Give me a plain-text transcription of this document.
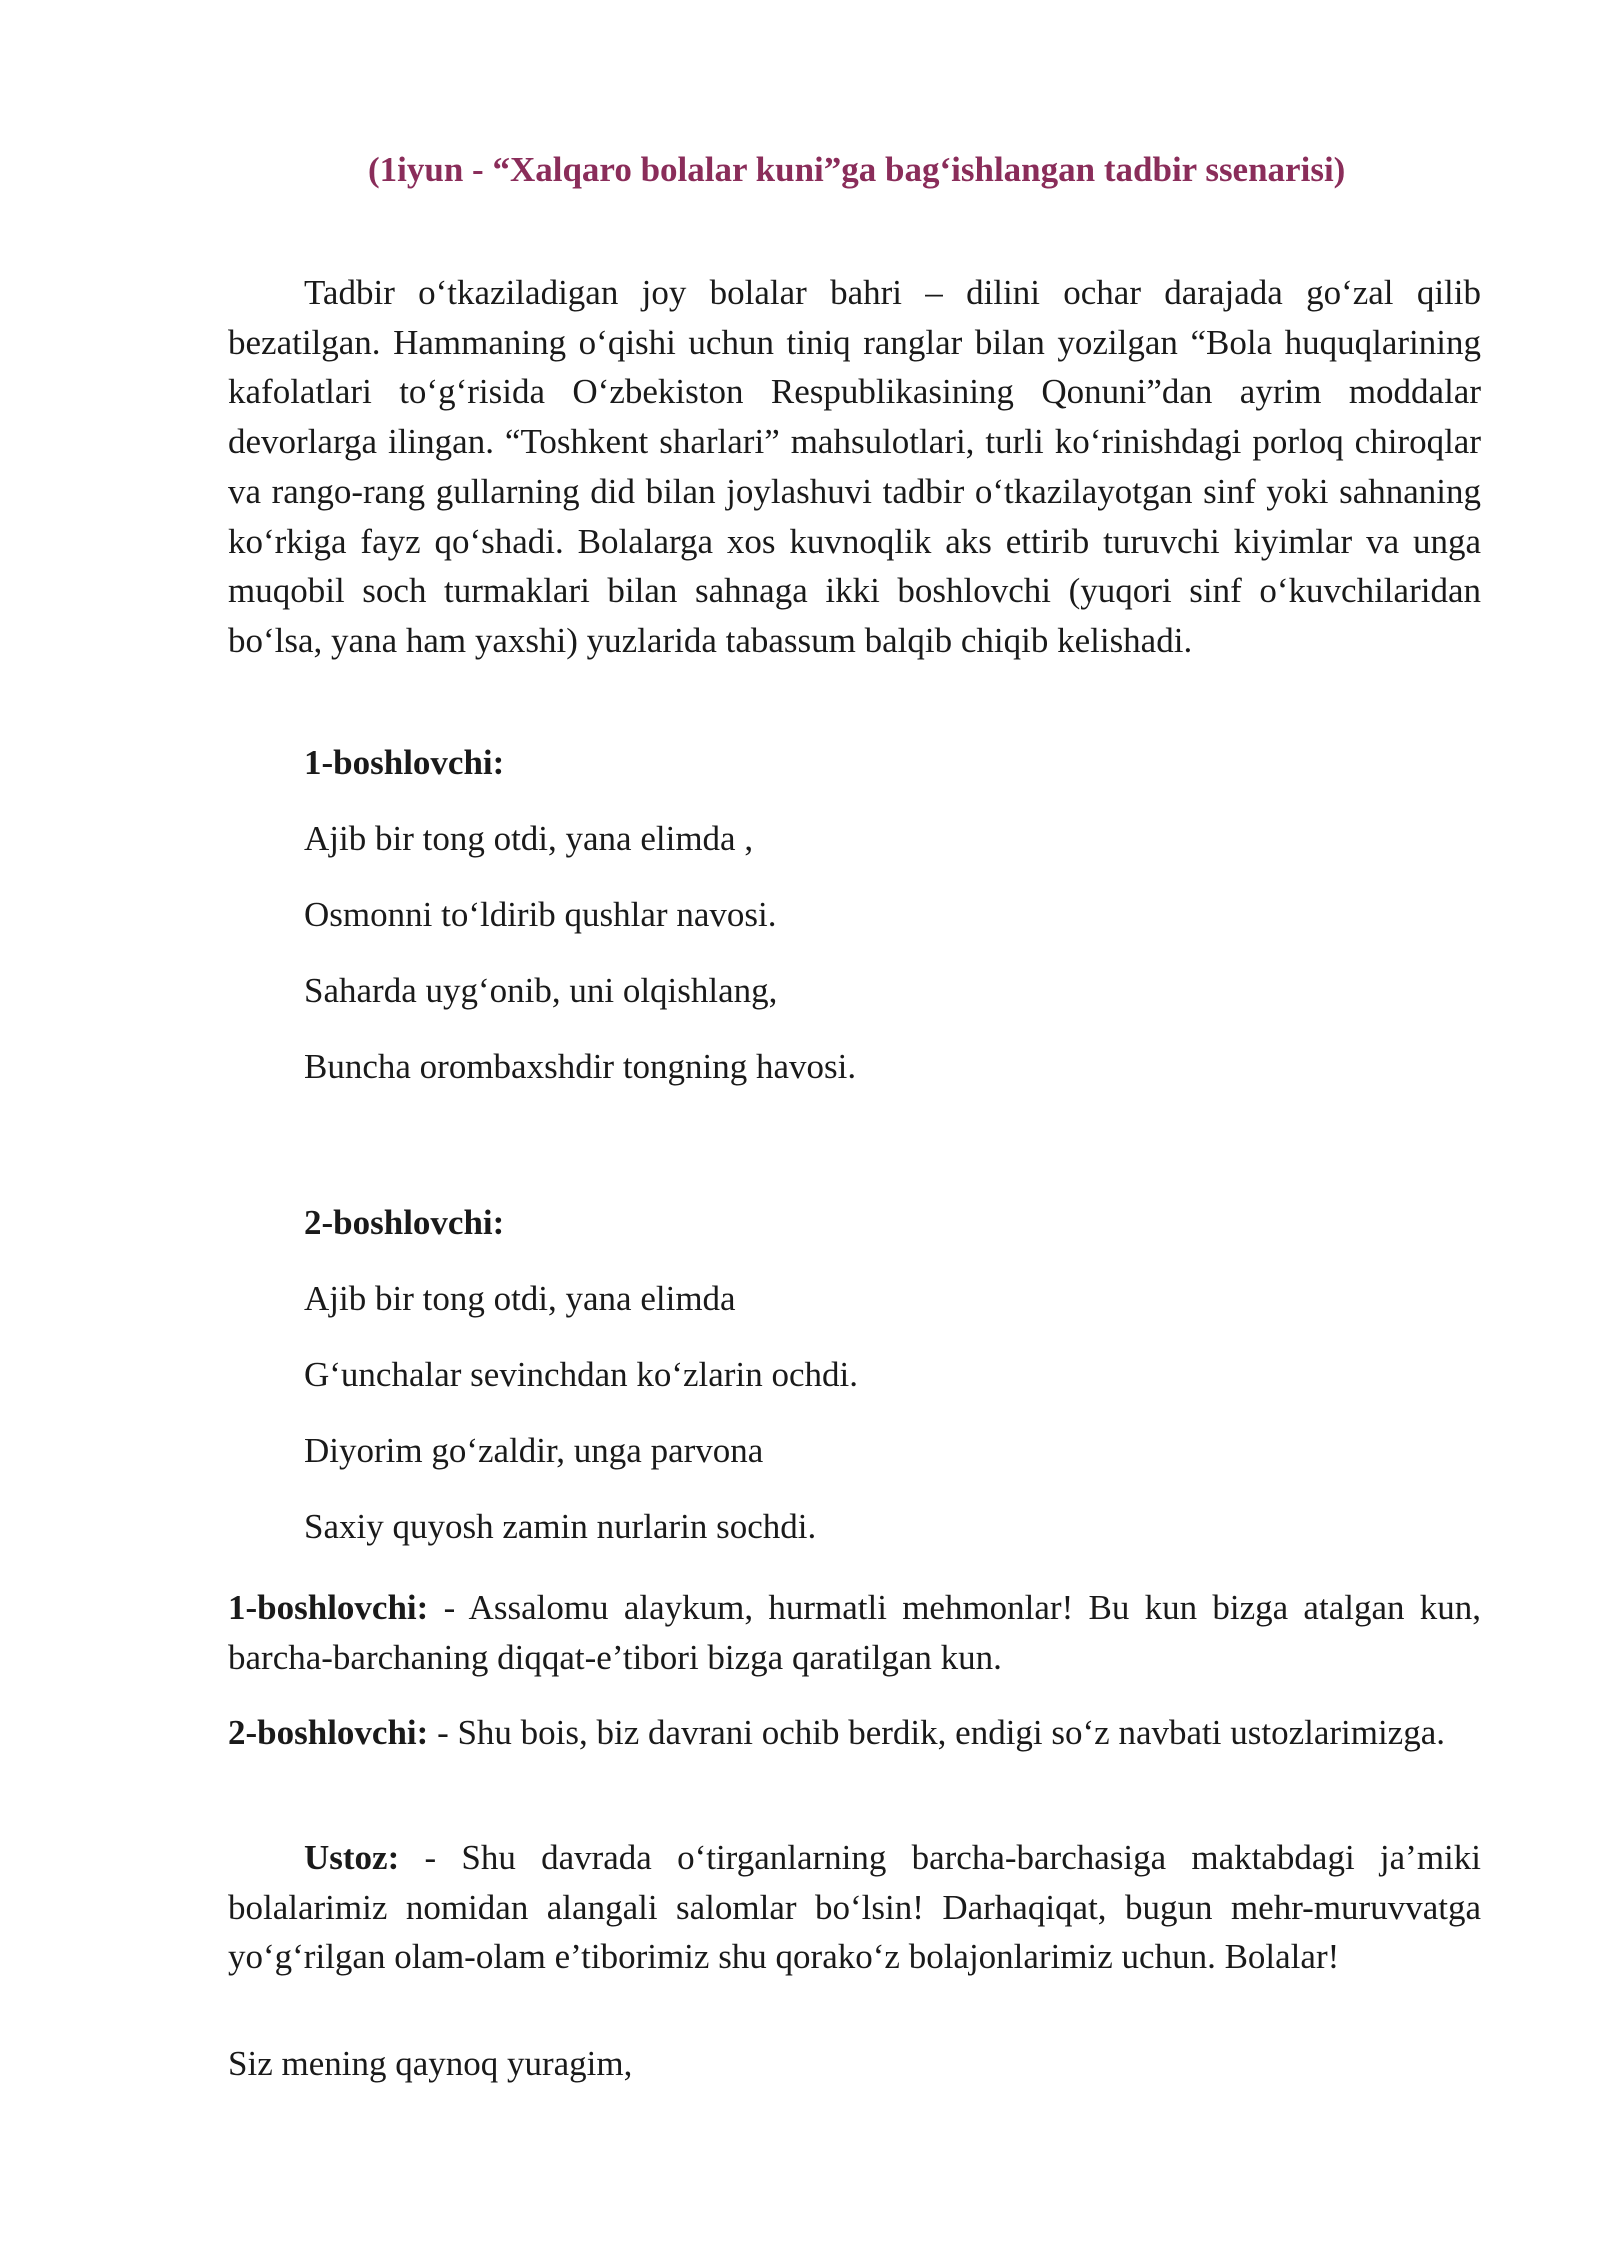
(1iyun - “Xalqaro bolalar kuni”ga bag‘ishlangan tadbir ssenarisi)

Tadbir o‘tkaziladigan joy bolalar bahri – dilini ochar darajada go‘zal qilib bezatilgan. Hammaning o‘qishi uchun tiniq ranglar bilan yozilgan “Bola huquqlarining kafolatlari to‘g‘risida O‘zbekiston Respublikasining Qonuni”dan ayrim moddalar devorlarga ilingan. “Toshkent sharlari” mahsulotlari, turli ko‘rinishdagi porloq chiroqlar va rango-rang gullarning did bilan joylashuvi tadbir o‘tkazilayotgan sinf yoki sahnaning ko‘rkiga fayz qo‘shadi. Bolalarga xos kuvnoqlik aks ettirib turuvchi kiyimlar va unga muqobil soch turmaklari bilan sahnaga ikki boshlovchi (yuqori sinf o‘kuvchilaridan bo‘lsa, yana ham yaxshi) yuzlarida tabassum balqib chiqib kelishadi.

1-boshlovchi:
Ajib bir tong otdi, yana elimda ,
Osmonni to‘ldirib qushlar navosi.
Saharda uyg‘onib, uni olqishlang,
Buncha orombaxshdir tongning havosi.
2-boshlovchi:
Ajib bir tong otdi, yana elimda
G‘unchalar sevinchdan ko‘zlarin ochdi.
Diyorim go‘zaldir, unga parvona
Saxiy quyosh zamin nurlarin sochdi.

1-boshlovchi: - Assalomu alaykum, hurmatli mehmonlar! Bu kun bizga atalgan kun, barcha-barchaning diqqat-e’tibori bizga qaratilgan kun.

2-boshlovchi: - Shu bois, biz davrani ochib berdik, endigi so‘z navbati ustozlarimizga.

Ustoz: - Shu davrada o‘tirganlarning barcha-barchasiga maktabdagi ja’miki bolalarimiz nomidan alangali salomlar bo‘lsin! Darhaqiqat, bugun mehr-muruvvatga yo‘g‘rilgan olam-olam e’tiborimiz shu qorako‘z bolajonlarimiz uchun. Bolalar!

Siz mening qaynoq yuragim,
